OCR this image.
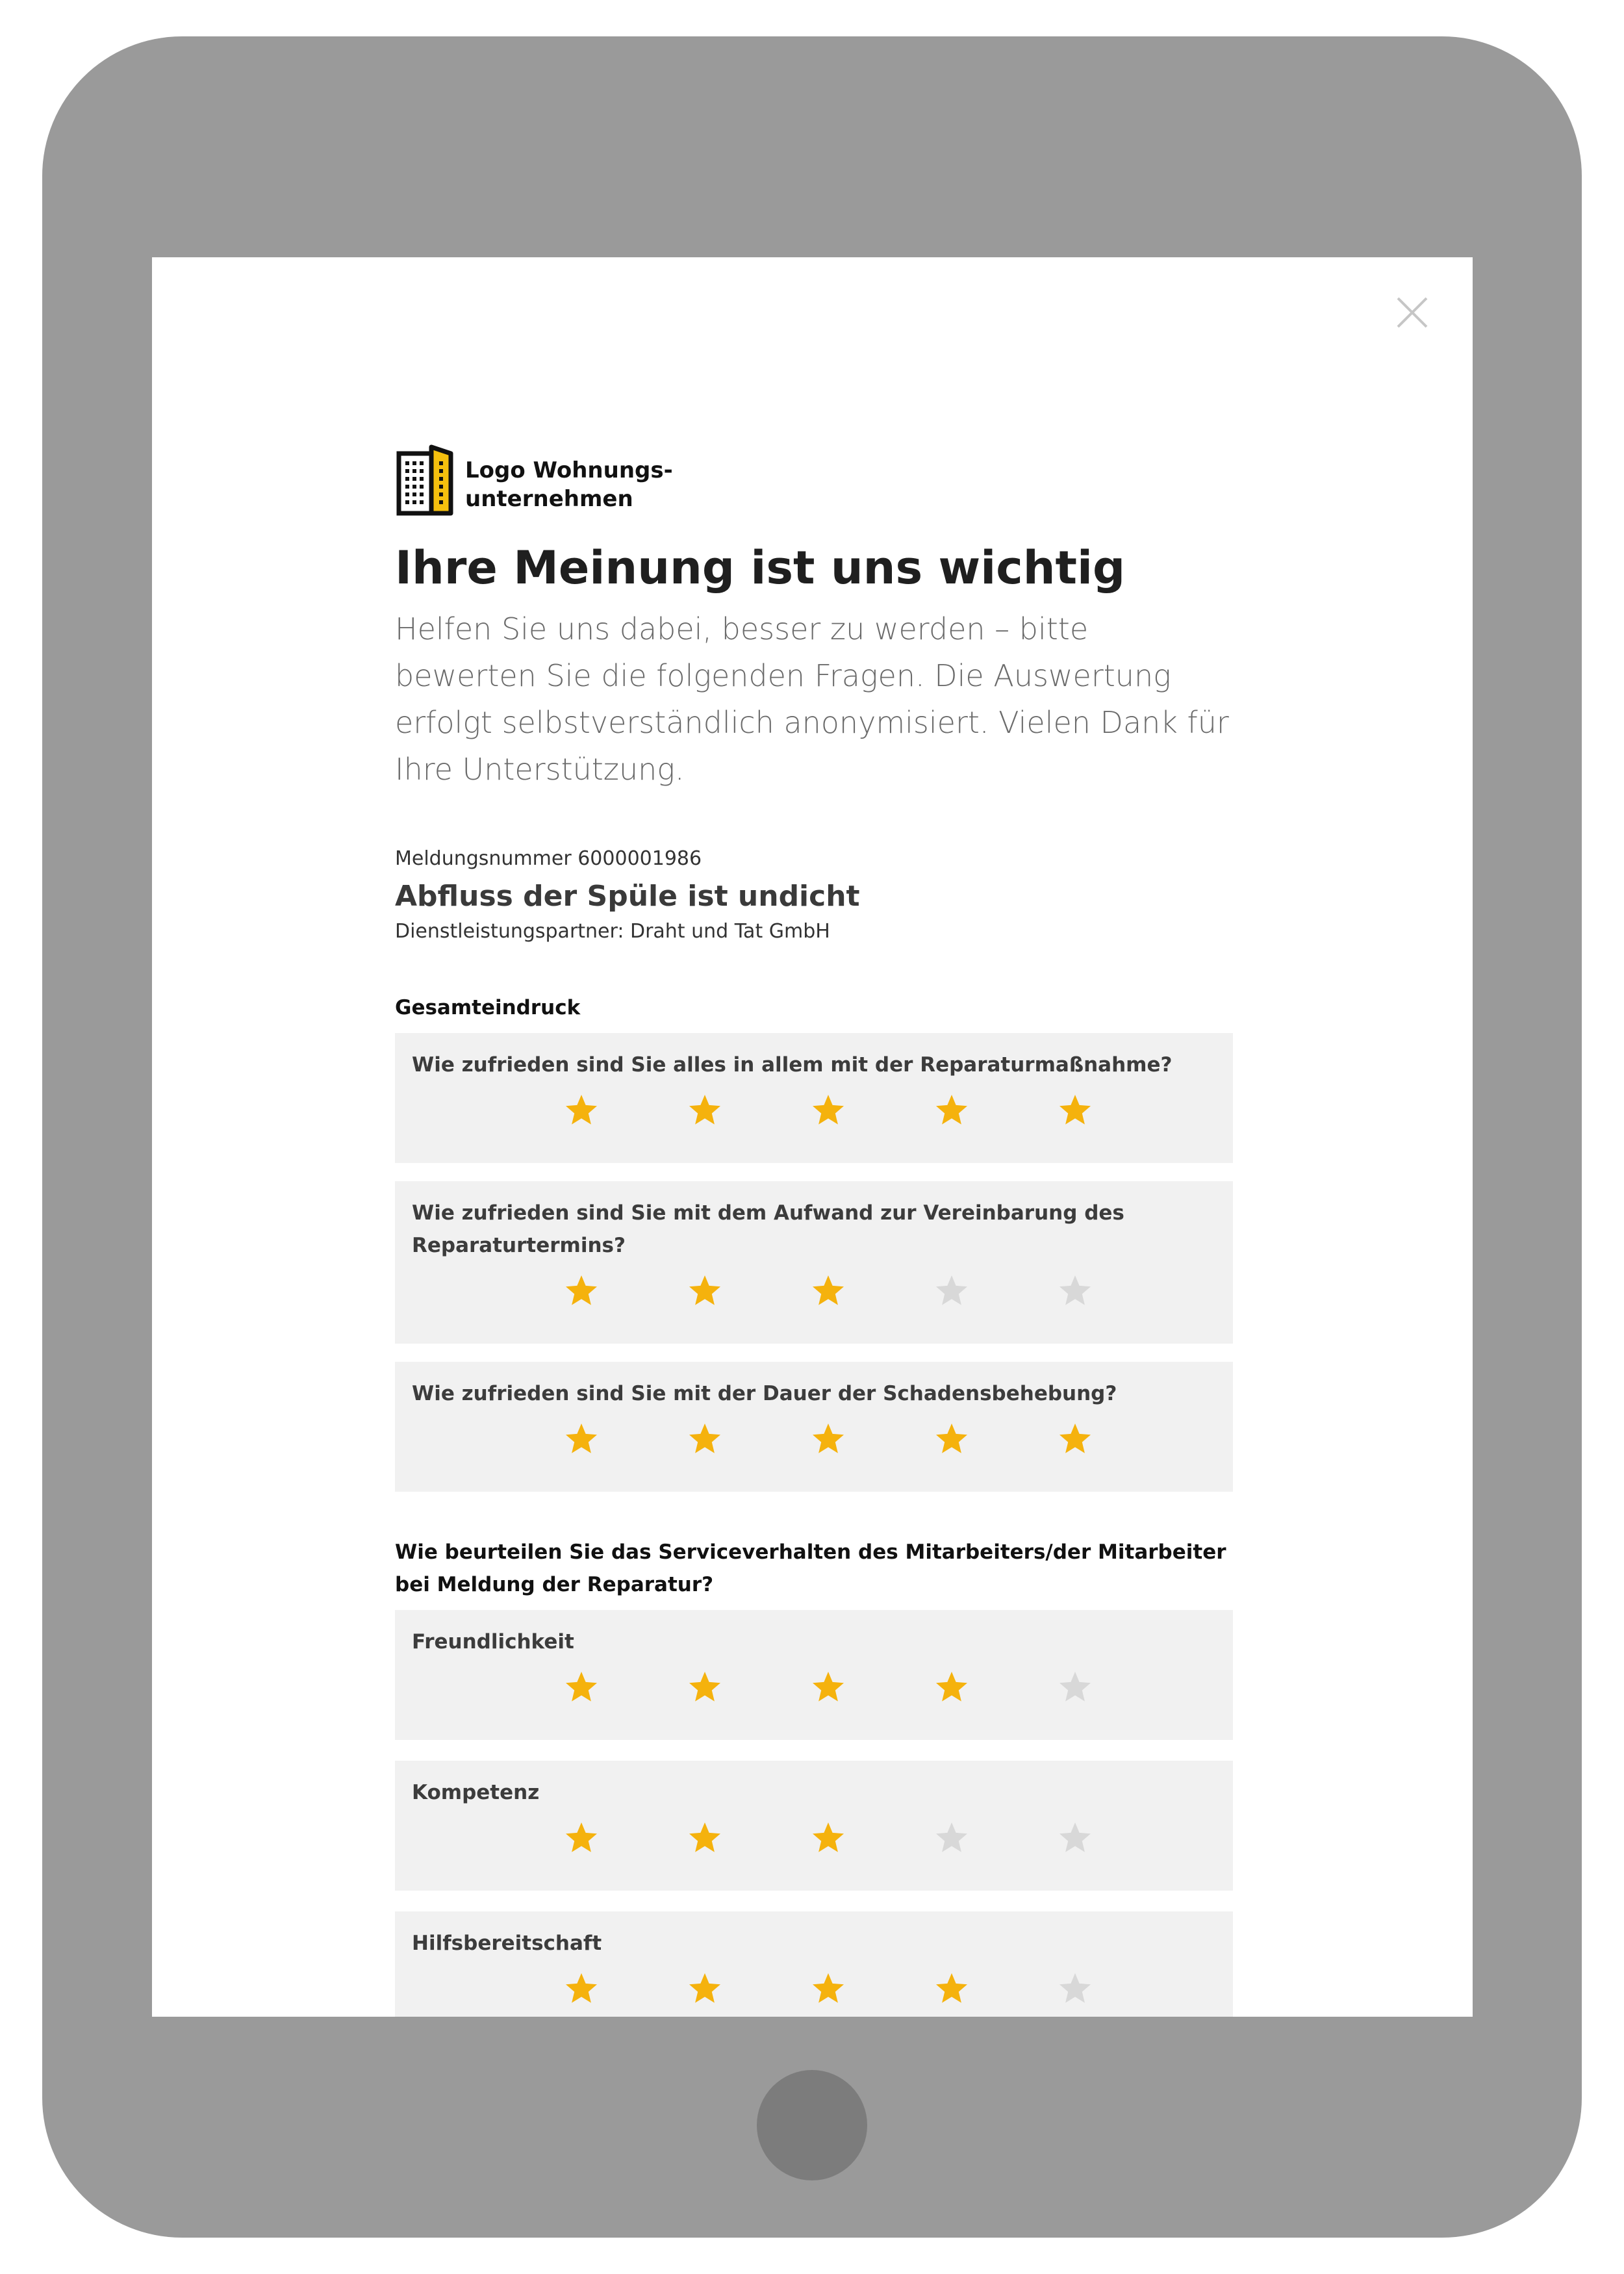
Logo Wohnungs-
unternehmen
Ihre Meinung ist uns wichtig
Helfen Sie uns dabei, besser zu werden – bitte bewerten Sie die folgenden Fragen. Die Auswertung erfolgt selbstverständlich anonymisiert. Vielen Dank für Ihre Unterstützung.
Meldungsnummer 6000001986
Abfluss der Spüle ist undicht
Dienstleistungspartner: Draht und Tat GmbH
Gesamteindruck
Wie zufrieden sind Sie alles in allem mit der Reparaturmaßnahme?
Wie zufrieden sind Sie mit dem Aufwand zur Vereinbarung des Reparaturtermins?
Wie zufrieden sind Sie mit der Dauer der Schadensbehebung?
Wie beurteilen Sie das Serviceverhalten des Mitarbeiters/der Mitarbeiter bei Meldung der Reparatur?
Freundlichkeit
Kompetenz
Hilfsbereitschaft
